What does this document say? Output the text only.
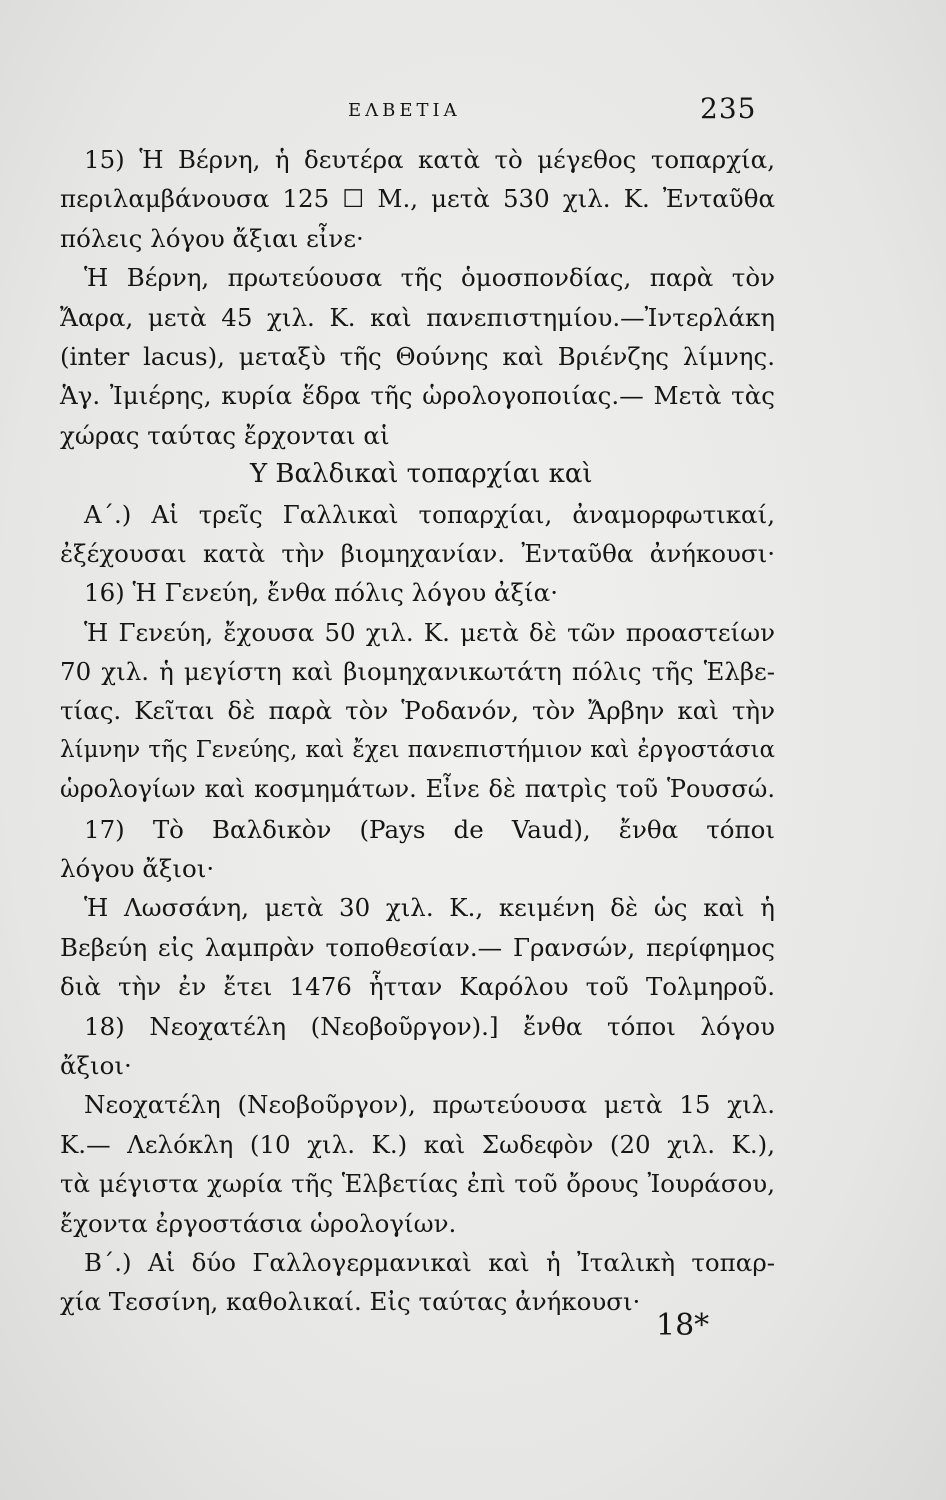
ΕΛΒΕΤΙΑ	235
15) Ἡ Βέρνη, ἡ δευτέρα κατὰ τὸ μέγεθος τοπαρχία,
περιλαμβάνουσα 125 ☐ Μ., μετὰ 530 χιλ. Κ. Ἐνταῦθα
πόλεις λόγου ἄξιαι εἶνε·
Ἡ Βέρνη, πρωτεύουσα τῆς ὁμοσπονδίας, παρὰ τὸν
Ἄαρα, μετὰ 45 χιλ. Κ. καὶ πανεπιστημίου.—Ἰντερλάκη
(inter lacus), μεταξὺ τῆς Θούνης καὶ Βριένζης λίμνης.
Ἁγ. Ἰμιέρης, κυρία ἕδρα τῆς ὡρολογοποιίας.— Μετὰ τὰς
χώρας ταύτας ἔρχονται αἱ
Υ Βαλδικαὶ τοπαρχίαι καὶ
Α΄.) Αἱ τρεῖς Γαλλικαὶ τοπαρχίαι, ἀναμορφωτικαί,
ἐξέχουσαι κατὰ τὴν βιομηχανίαν. Ἐνταῦθα ἀνήκουσι·
16) Ἡ Γενεύη, ἔνθα πόλις λόγου ἀξία·
Ἡ Γενεύη, ἔχουσα 50 χιλ. Κ. μετὰ δὲ τῶν προαστείων
70 χιλ. ἡ μεγίστη καὶ βιομηχανικωτάτη πόλις τῆς Ἑλβε-
τίας. Κεῖται δὲ παρὰ τὸν Ῥοδανόν, τὸν Ἄρβην καὶ τὴν
λίμνην τῆς Γενεύης, καὶ ἔχει πανεπιστήμιον καὶ ἐργοστάσια
ὡρολογίων καὶ κοσμημάτων. Εἶνε δὲ πατρὶς τοῦ Ῥουσσώ.
17) Τὸ Βαλδικὸν (Pays de Vaud), ἔνθα τόποι
λόγου ἄξιοι·
Ἡ Λωσσάνη, μετὰ 30 χιλ. Κ., κειμένη δὲ ὡς καὶ ἡ
Βεβεύη εἰς λαμπρὰν τοποθεσίαν.— Γρανσών, περίφημος
διὰ τὴν ἐν ἔτει 1476 ἧτταν Καρόλου τοῦ Τολμηροῦ.
18) Νεοχατέλη (Νεοβοῦργον).] ἔνθα τόποι λόγου
ἄξιοι·
Νεοχατέλη (Νεοβοῦργον), πρωτεύουσα μετὰ 15 χιλ.
Κ.— Λελόκλη (10 χιλ. Κ.) καὶ Σωδεφὸν (20 χιλ. Κ.),
τὰ μέγιστα χωρία τῆς Ἑλβετίας ἐπὶ τοῦ ὄρους Ἰουράσου,
ἔχοντα ἐργοστάσια ὡρολογίων.
Β΄.) Αἱ δύο Γαλλογερμανικαὶ καὶ ἡ Ἰταλικὴ τοπαρ-
χία Τεσσίνη, καθολικαί. Εἰς ταύτας ἀνήκουσι·
18*
